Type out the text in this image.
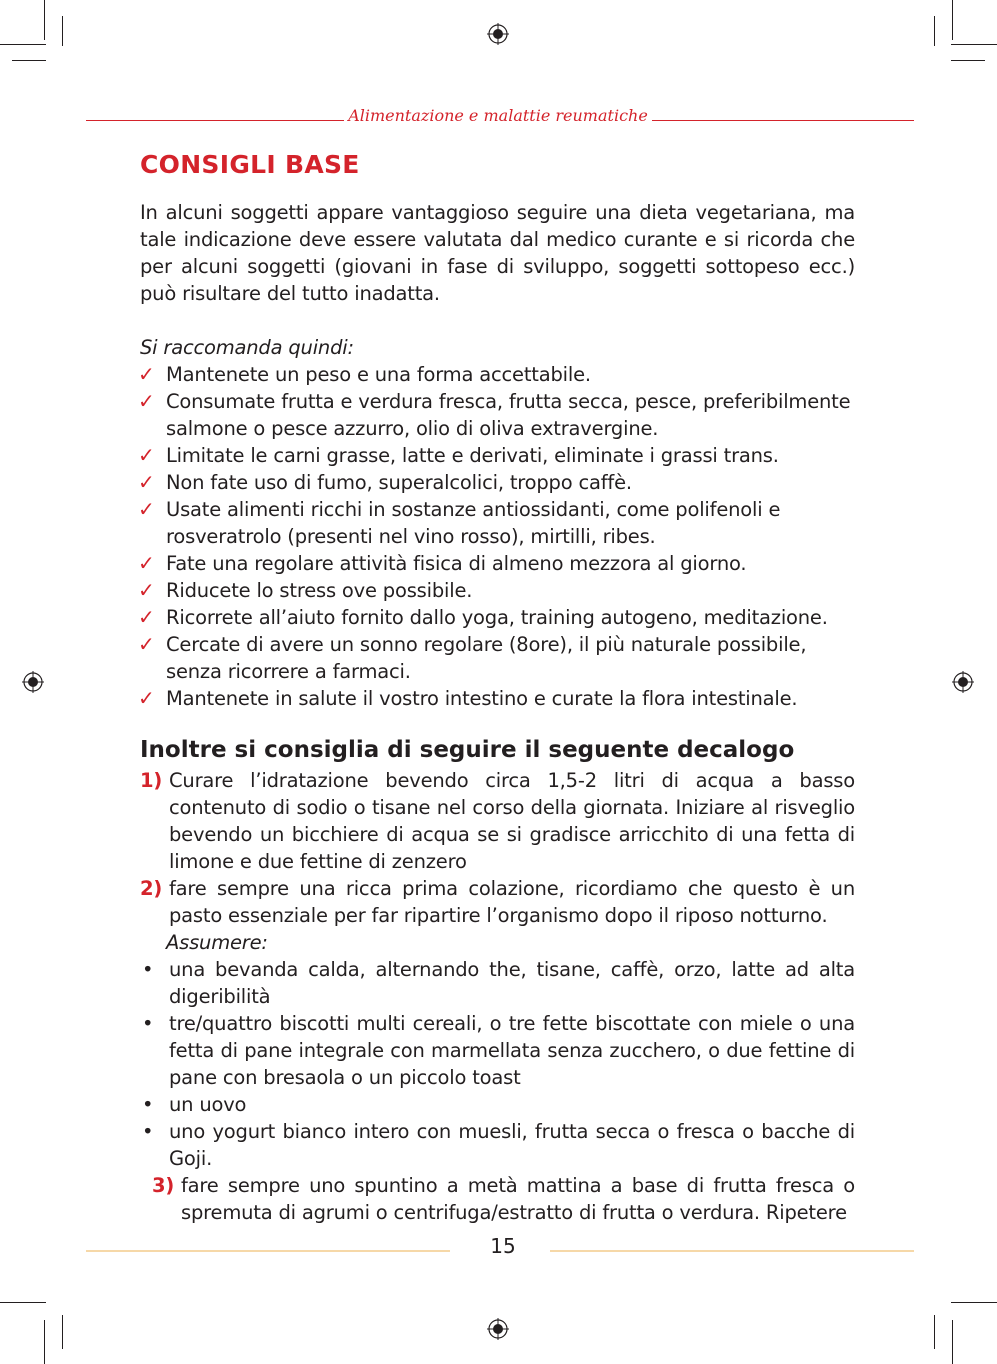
Alimentazione e malattie reumatiche
CONSIGLI BASE
In alcuni soggetti appare vantaggioso seguire una dieta vegetariana, ma tale indicazione deve essere valutata dal medico curante e si ricorda che per alcuni soggetti (giovani in fase di sviluppo, soggetti sottopeso ecc.) può risultare del tutto inadatta.
Si raccomanda quindi:
✓ Mantenete un peso e una forma accettabile.
✓ Consumate frutta e verdura fresca, frutta secca, pesce, preferibilmente salmone o pesce azzurro, olio di oliva extravergine.
✓ Limitate le carni grasse, latte e derivati, eliminate i grassi trans.
✓ Non fate uso di fumo, superalcolici, troppo caffè.
✓ Usate alimenti ricchi in sostanze antiossidanti, come polifenoli e rosveratrolo (presenti nel vino rosso), mirtilli, ribes.
✓ Fate una regolare attività fisica di almeno mezzora al giorno.
✓ Riducete lo stress ove possibile.
✓ Ricorrete all’aiuto fornito dallo yoga, training autogeno, meditazione.
✓ Cercate di avere un sonno regolare (8ore), il più naturale possibile, senza ricorrere a farmaci.
✓ Mantenete in salute il vostro intestino e curate la flora intestinale.
Inoltre si consiglia di seguire il seguente decalogo
1) Curare l’idratazione bevendo circa 1,5-2 litri di acqua a basso contenuto di sodio o tisane nel corso della giornata. Iniziare al risveglio bevendo un bicchiere di acqua se si gradisce arricchito di una fetta di limone e due fettine di zenzero
2) fare sempre una ricca prima colazione, ricordiamo che questo è un pasto essenziale per far ripartire l’organismo dopo il riposo notturno.
Assumere:
• una bevanda calda, alternando the, tisane, caffè, orzo, latte ad alta digeribilità
• tre/quattro biscotti multi cereali, o tre fette biscottate con miele o una fetta di pane integrale con marmellata senza zucchero, o due fettine di pane con bresaola o un piccolo toast
• un uovo
• uno yogurt bianco intero con muesli, frutta secca o fresca o bacche di Goji.
3) fare sempre uno spuntino a metà mattina a base di frutta fresca o spremuta di agrumi o centrifuga/estratto di frutta o verdura. Ripetere
15
